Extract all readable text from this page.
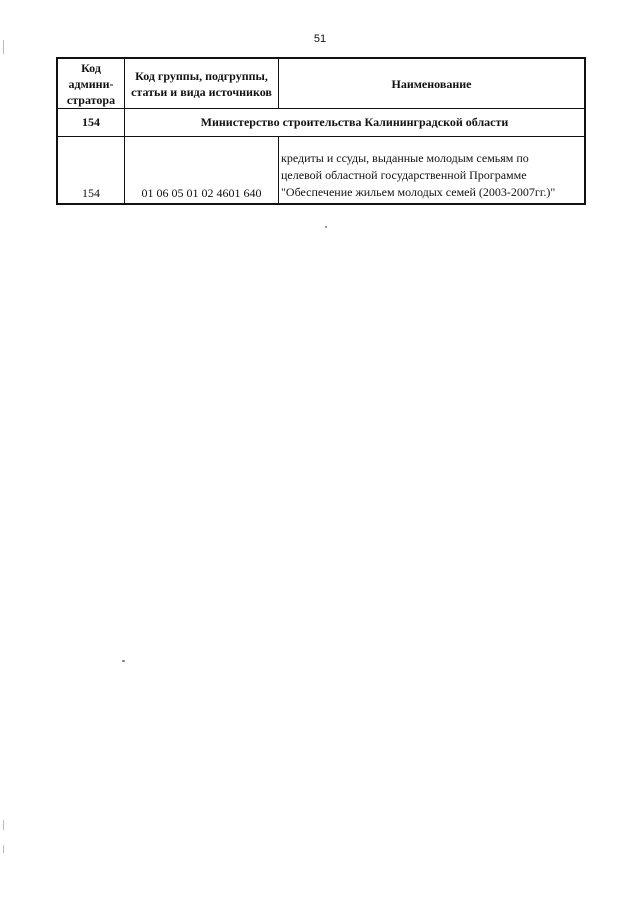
51
Код админи-стратора	Код группы, подгруппы, статьи и вида источников	Наименование
154	Министерство строительства Калининградской области	
154	01 06 05 01 02 4601 640	кредиты и ссуды, выданные молодым семьям по
целевой областной государственной Программе
"Обеспечение жильем молодых семей (2003-2007гг.)"
